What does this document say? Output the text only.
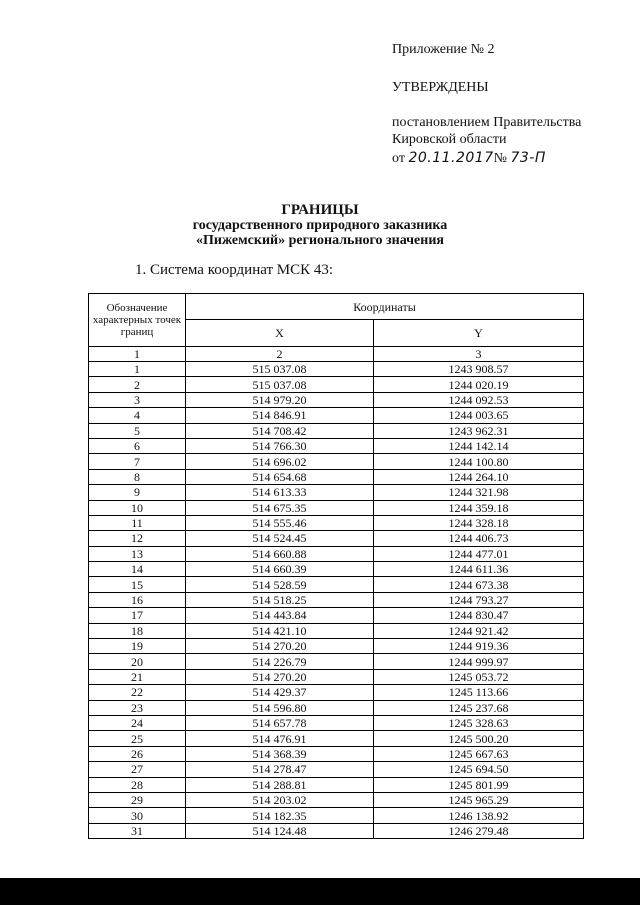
Приложение № 2
УТВЕРЖДЕНЫ
постановлением Правительства
Кировской области
от 20.11.2017№ 73-П
ГРАНИЦЫ
государственного природного заказника
«Пижемский» регионального значения
1. Система координат МСК 43:
Обозначение характерных точек границ	Координаты	
	X	Y
1	2	3
1	515 037.08	1243 908.57
2	515 037.08	1244 020.19
3	514 979.20	1244 092.53
4	514 846.91	1244 003.65
5	514 708.42	1243 962.31
6	514 766.30	1244 142.14
7	514 696.02	1244 100.80
8	514 654.68	1244 264.10
9	514 613.33	1244 321.98
10	514 675.35	1244 359.18
11	514 555.46	1244 328.18
12	514 524.45	1244 406.73
13	514 660.88	1244 477.01
14	514 660.39	1244 611.36
15	514 528.59	1244 673.38
16	514 518.25	1244 793.27
17	514 443.84	1244 830.47
18	514 421.10	1244 921.42
19	514 270.20	1244 919.36
20	514 226.79	1244 999.97
21	514 270.20	1245 053.72
22	514 429.37	1245 113.66
23	514 596.80	1245 237.68
24	514 657.78	1245 328.63
25	514 476.91	1245 500.20
26	514 368.39	1245 667.63
27	514 278.47	1245 694.50
28	514 288.81	1245 801.99
29	514 203.02	1245 965.29
30	514 182.35	1246 138.92
31	514 124.48	1246 279.48
